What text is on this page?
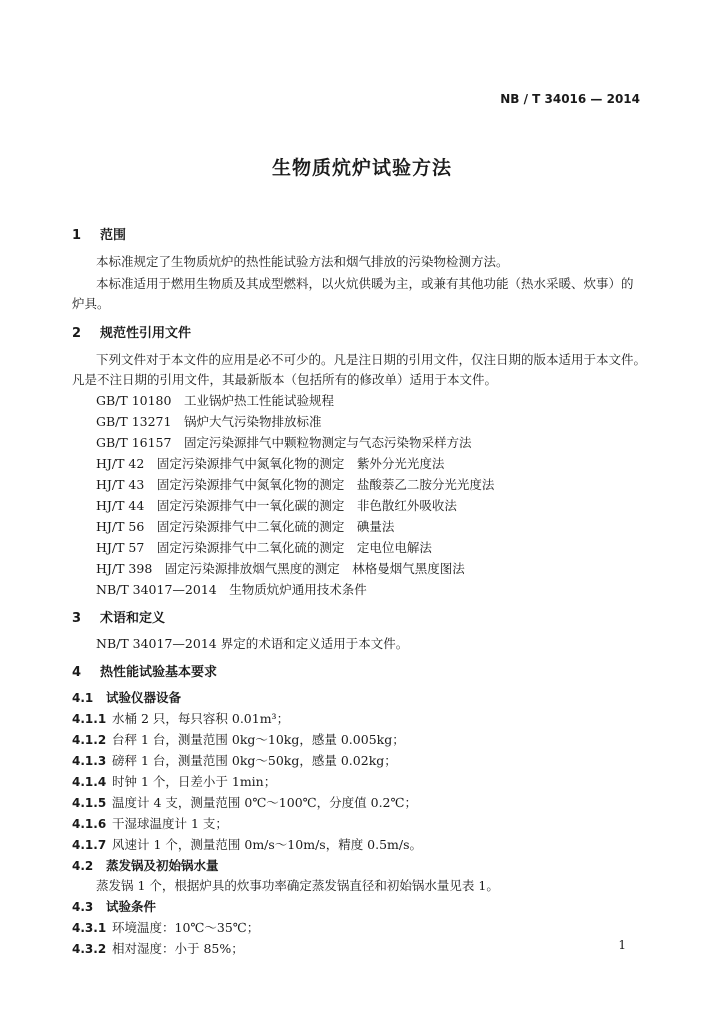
NB / T 34016 — 2014
生物质炕炉试验方法
1 范围
本标准规定了生物质炕炉的热性能试验方法和烟气排放的污染物检测方法。
本标准适用于燃用生物质及其成型燃料，以火炕供暖为主，或兼有其他功能（热水采暖、炊事）的
炉具。
2 规范性引用文件
下列文件对于本文件的应用是必不可少的。凡是注日期的引用文件，仅注日期的版本适用于本文件。
凡是不注日期的引用文件，其最新版本（包括所有的修改单）适用于本文件。
GB/T 10180　工业锅炉热工性能试验规程
GB/T 13271　锅炉大气污染物排放标准
GB/T 16157　固定污染源排气中颗粒物测定与气态污染物采样方法
HJ/T 42　固定污染源排气中氮氧化物的测定　紫外分光光度法
HJ/T 43　固定污染源排气中氮氧化物的测定　盐酸萘乙二胺分光光度法
HJ/T 44　固定污染源排气中一氧化碳的测定　非色散红外吸收法
HJ/T 56　固定污染源排气中二氧化硫的测定　碘量法
HJ/T 57　固定污染源排气中二氧化硫的测定　定电位电解法
HJ/T 398　固定污染源排放烟气黑度的测定　林格曼烟气黑度图法
NB/T 34017—2014　生物质炕炉通用技术条件
3 术语和定义
NB/T 34017—2014 界定的术语和定义适用于本文件。
4 热性能试验基本要求
4.1 试验仪器设备
4.1.1 水桶 2 只，每只容积 0.01m³；
4.1.2 台秤 1 台，测量范围 0kg～10kg，感量 0.005kg；
4.1.3 磅秤 1 台，测量范围 0kg～50kg，感量 0.02kg；
4.1.4 时钟 1 个，日差小于 1min；
4.1.5 温度计 4 支，测量范围 0℃～100℃，分度值 0.2℃；
4.1.6 干湿球温度计 1 支；
4.1.7 风速计 1 个，测量范围 0m/s～10m/s，精度 0.5m/s。
4.2 蒸发锅及初始锅水量
蒸发锅 1 个，根据炉具的炊事功率确定蒸发锅直径和初始锅水量见表 1。
4.3 试验条件
4.3.1 环境温度：10℃～35℃；
4.3.2 相对湿度：小于 85%；	1
